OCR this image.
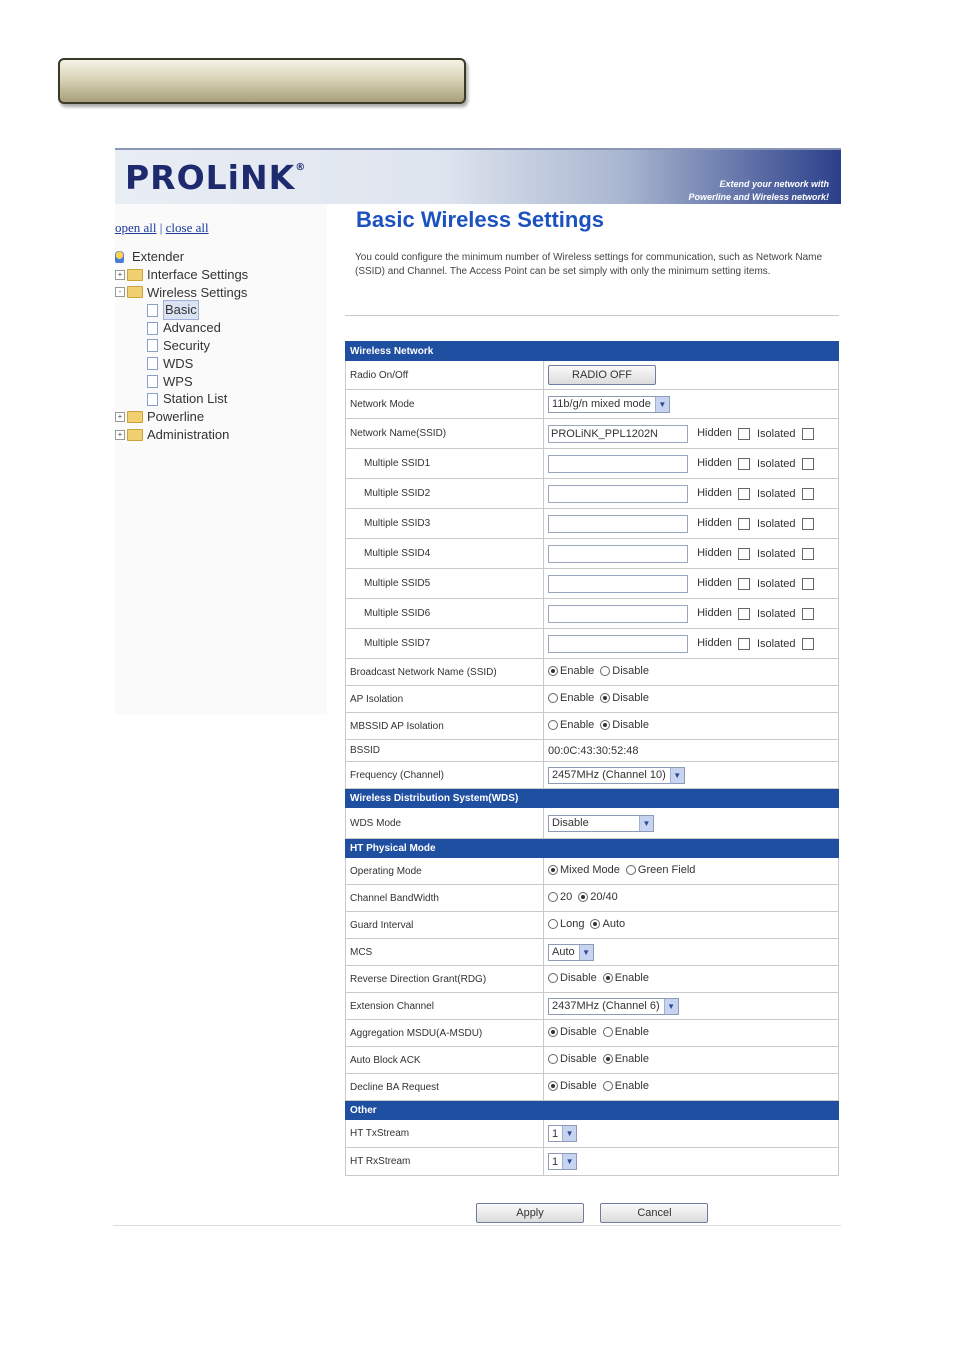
PROLiNK®
Extend your network with
Powerline and Wireless network!
open all | close all
Extender
+ Interface Settings
- Wireless Settings
Basic
Advanced
Security
WDS
WPS
Station List
+ Powerline
+ Administration
Basic Wireless Settings
You could configure the minimum number of Wireless settings for communication, such as Network Name (SSID) and Channel. The Access Point can be set simply with only the minimum setting items.
Wireless Network	
Radio On/Off	RADIO OFF
Network Mode	11b/g/n mixed mode ▼

Network Name(SSID)	PROLiNK_PPL1202N Hidden Isolated
Multiple SSID1	Hidden Isolated
Multiple SSID2	Hidden Isolated
Multiple SSID3	Hidden Isolated
Multiple SSID4	Hidden Isolated
Multiple SSID5	Hidden Isolated
Multiple SSID6	Hidden Isolated
Multiple SSID7	Hidden Isolated
Broadcast Network Name (SSID)	Enable Disable

AP Isolation	Enable Disable

MBSSID AP Isolation	Enable Disable

BSSID	00:0C:43:30:52:48
Frequency (Channel)	2457MHz (Channel 10) ▼

Wireless Distribution System(WDS)	
WDS Mode	Disable ▼

HT Physical Mode	
Operating Mode	Mixed Mode Green Field

Channel BandWidth	20 20/40

Guard Interval	Long Auto

MCS	Auto ▼

Reverse Direction Grant(RDG)	Disable Enable

Extension Channel	2437MHz (Channel 6) ▼

Aggregation MSDU(A-MSDU)	Disable Enable

Auto Block ACK	Disable Enable

Decline BA Request	Disable Enable

Other	
HT TxStream	1 ▼

HT RxStream	1 ▼
Apply	Cancel
